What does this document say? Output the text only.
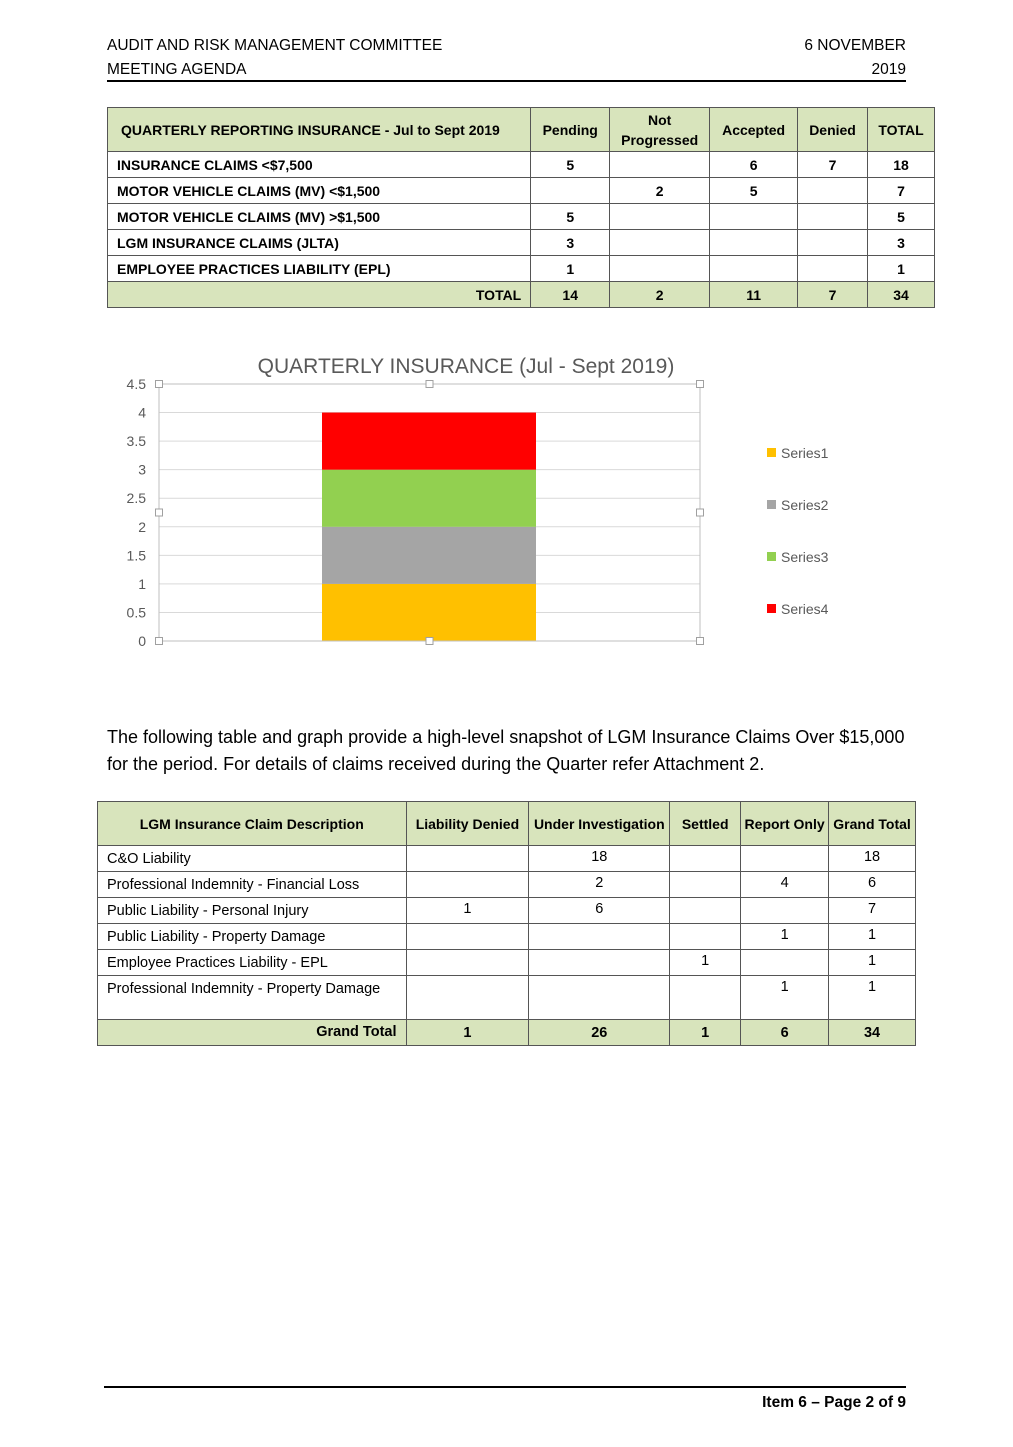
AUDIT AND RISK MANAGEMENT COMMITTEE
MEETING AGENDA
6 NOVEMBER
2019
QUARTERLY REPORTING INSURANCE - Jul to Sept 2019	Pending	Not Progressed	Accepted	Denied	TOTAL
INSURANCE CLAIMS <$7,500	5		6	7	18
MOTOR VEHICLE CLAIMS (MV) <$1,500		2	5		7
MOTOR VEHICLE CLAIMS (MV) >$1,500	5				5
LGM INSURANCE CLAIMS (JLTA)	3				3
EMPLOYEE PRACTICES LIABILITY (EPL)	1				1
TOTAL	14	2	11	7	34
QUARTERLY INSURANCE (Jul - Sept 2019)
0
0.5
1
1.5
2
2.5
3
3.5
4
4.5
Series1
Series2
Series3
Series4
The following table and graph provide a high-level snapshot of LGM Insurance Claims Over $15,000 for the period. For details of claims received during the Quarter refer Attachment 2.
LGM Insurance Claim Description	Liability Denied	Under Investigation	Settled	Report Only	Grand Total
C&O Liability		18			18
Professional Indemnity - Financial Loss		2		4	6
Public Liability - Personal Injury	1	6			7
Public Liability - Property Damage				1	1
Employee Practices Liability - EPL			1		1
Professional Indemnity - Property Damage				1	1
Grand Total	1	26	1	6	34
Item 6 – Page 2 of 9
